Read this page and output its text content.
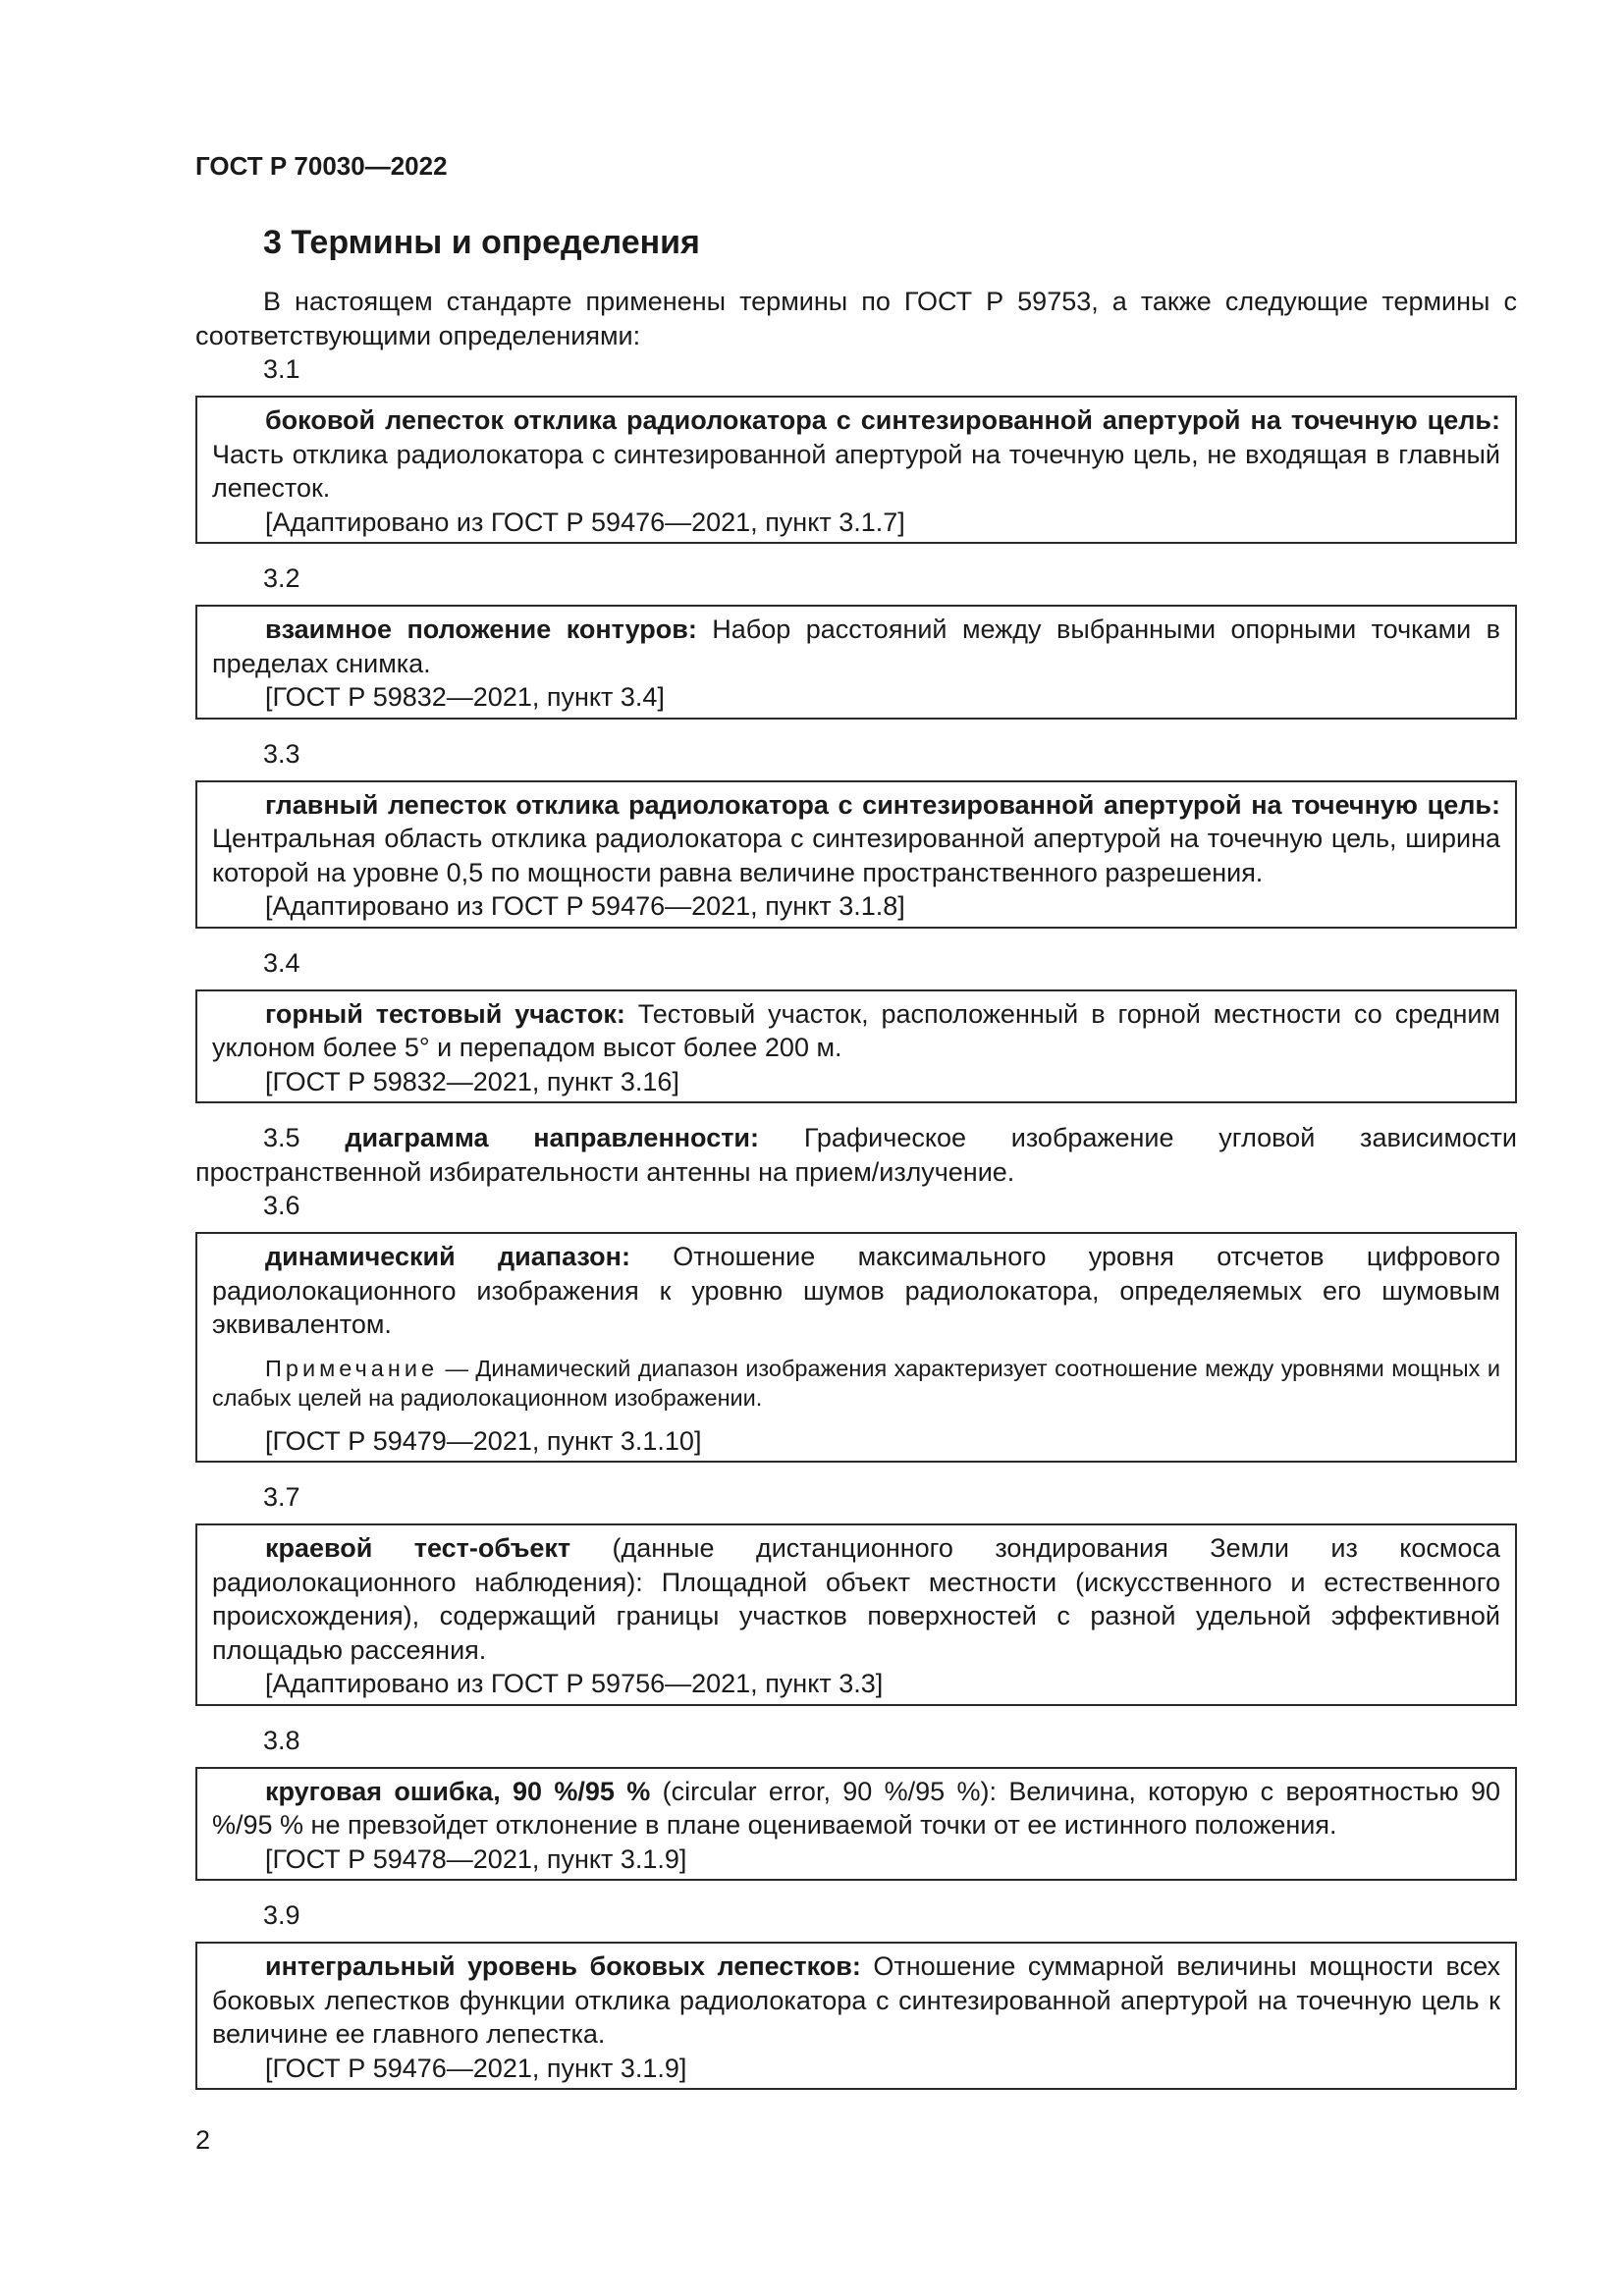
ГОСТ Р 70030—2022
3 Термины и определения

В настоящем стандарте применены термины по ГОСТ Р 59753, а также следующие термины с соответствующими определениями:

3.1

боковой лепесток отклика радиолокатора с синтезированной апертурой на точечную цель: Часть отклика радиолокатора с синтезированной апертурой на точечную цель, не входящая в главный лепесток.

[Адаптировано из ГОСТ Р 59476—2021, пункт 3.1.7]

3.2

взаимное положение контуров: Набор расстояний между выбранными опорными точками в пределах снимка.

[ГОСТ Р 59832—2021, пункт 3.4]

3.3

главный лепесток отклика радиолокатора с синтезированной апертурой на точечную цель: Центральная область отклика радиолокатора с синтезированной апертурой на точечную цель, ширина которой на уровне 0,5 по мощности равна величине пространственного разрешения.

[Адаптировано из ГОСТ Р 59476—2021, пункт 3.1.8]

3.4

горный тестовый участок: Тестовый участок, расположенный в горной местности со средним уклоном более 5° и перепадом высот более 200 м.

[ГОСТ Р 59832—2021, пункт 3.16]

3.5 диаграмма направленности: Графическое изображение угловой зависимости пространственной избирательности антенны на прием/излучение.

3.6

динамический диапазон: Отношение максимального уровня отсчетов цифрового радиолокационного изображения к уровню шумов радиолокатора, определяемых его шумовым эквивалентом.

Примечание — Динамический диапазон изображения характеризует соотношение между уровнями мощных и слабых целей на радиолокационном изображении.

[ГОСТ Р 59479—2021, пункт 3.1.10]

3.7

краевой тест-объект (данные дистанционного зондирования Земли из космоса радиолокационного наблюдения): Площадной объект местности (искусственного и естественного происхождения), содержащий границы участков поверхностей с разной удельной эффективной площадью рассеяния.

[Адаптировано из ГОСТ Р 59756—2021, пункт 3.3]

3.8

круговая ошибка, 90 %/95 % (circular error, 90 %/95 %): Величина, которую с вероятностью 90 %/95 % не превзойдет отклонение в плане оцениваемой точки от ее истинного положения.

[ГОСТ Р 59478—2021, пункт 3.1.9]

3.9

интегральный уровень боковых лепестков: Отношение суммарной величины мощности всех боковых лепестков функции отклика радиолокатора с синтезированной апертурой на точечную цель к величине ее главного лепестка.

[ГОСТ Р 59476—2021, пункт 3.1.9]

2
